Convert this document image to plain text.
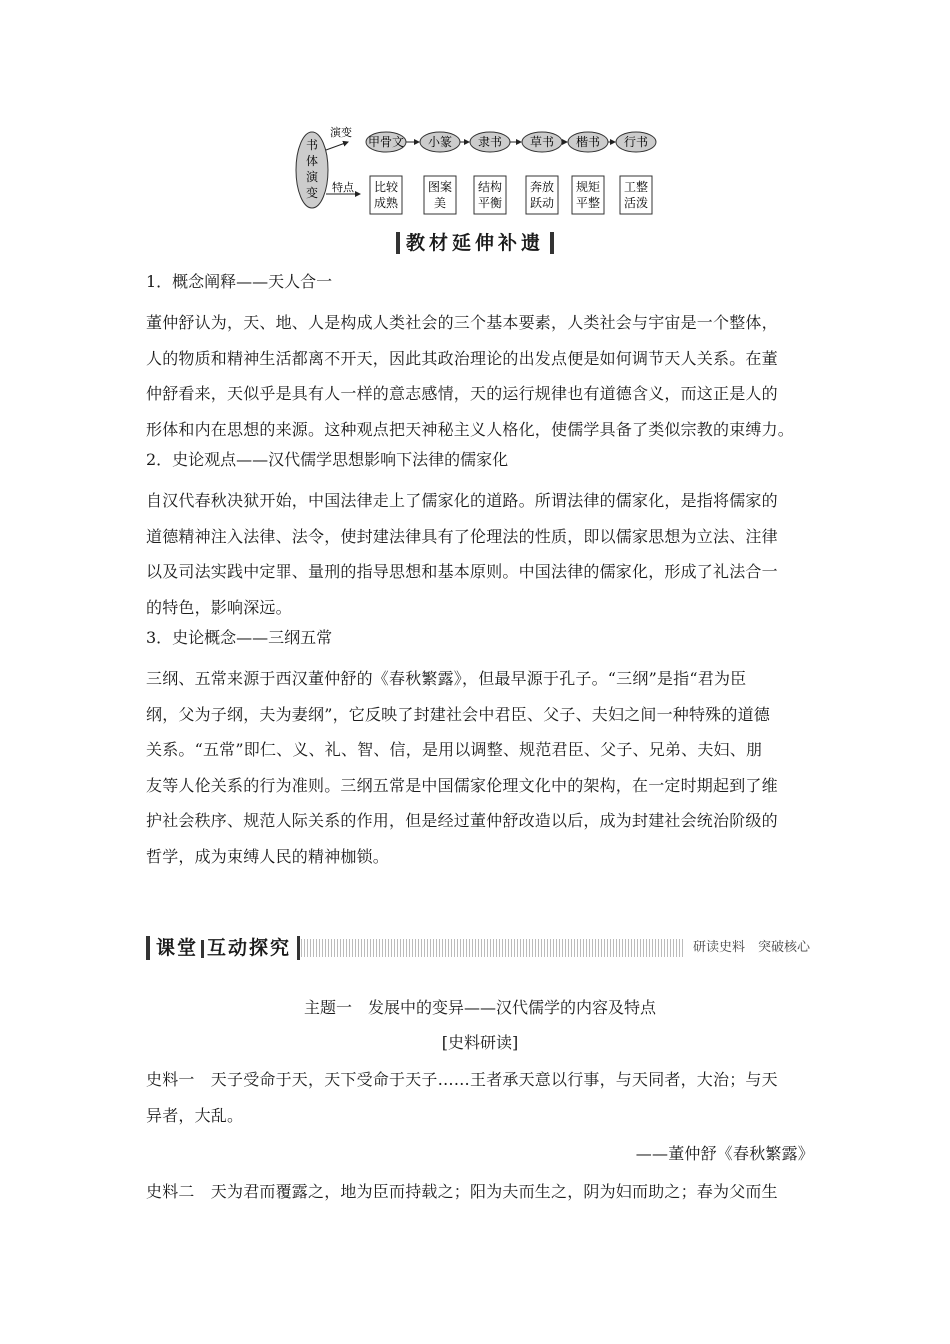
书
体
演
变
演变
特点
甲骨文 小篆 隶书 草书 楷书 行书
比较
成熟
图案
美
结构
平衡
奔放
跃动
规矩
平整
工整
活泼
教材延伸补遗

1．概念阐释——天人合一

董仲舒认为，天、地、人是构成人类社会的三个基本要素，人类社会与宇宙是一个整体，

人的物质和精神生活都离不开天，因此其政治理论的出发点便是如何调节天人关系。在董

仲舒看来，天似乎是具有人一样的意志感情，天的运行规律也有道德含义，而这正是人的

形体和内在思想的来源。这种观点把天神秘主义人格化，使儒学具备了类似宗教的束缚力。

2．史论观点——汉代儒学思想影响下法律的儒家化

自汉代春秋决狱开始，中国法律走上了儒家化的道路。所谓法律的儒家化，是指将儒家的

道德精神注入法律、法令，使封建法律具有了伦理法的性质，即以儒家思想为立法、注律

以及司法实践中定罪、量刑的指导思想和基本原则。中国法律的儒家化，形成了礼法合一

的特色，影响深远。

3．史论概念——三纲五常

三纲、五常来源于西汉董仲舒的《春秋繁露》，但最早源于孔子。“三纲”是指“君为臣

纲，父为子纲，夫为妻纲”，它反映了封建社会中君臣、父子、夫妇之间一种特殊的道德

关系。“五常”即仁、义、礼、智、信，是用以调整、规范君臣、父子、兄弟、夫妇、朋

友等人伦关系的行为准则。三纲五常是中国儒家伦理文化中的架构，在一定时期起到了维

护社会秩序、规范人际关系的作用，但是经过董仲舒改造以后，成为封建社会统治阶级的

哲学，成为束缚人民的精神枷锁。

课堂 互动探究	研读史料　突破核心

主题一　发展中的变异——汉代儒学的内容及特点

[史料研读]

史料一　天子受命于天，天下受命于天子……王者承天意以行事，与天同者，大治；与天

异者，大乱。

——董仲舒《春秋繁露》

史料二　天为君而覆露之，地为臣而持载之；阳为夫而生之，阴为妇而助之；春为父而生
